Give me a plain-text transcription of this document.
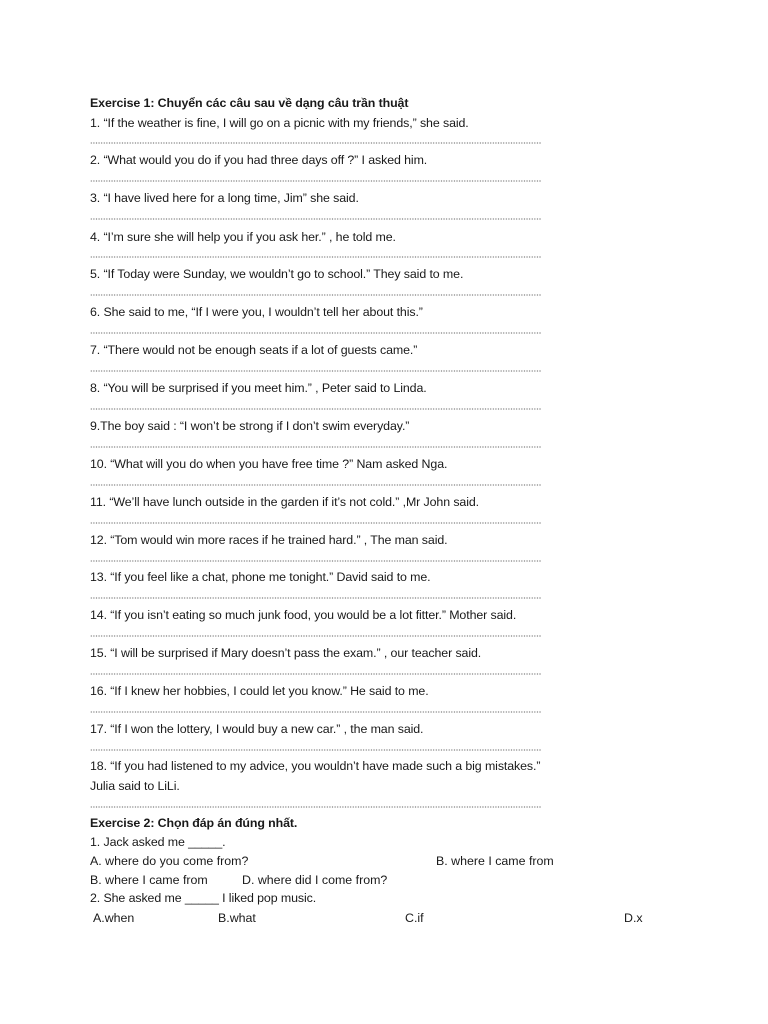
Exercise 1: Chuyển các câu sau về dạng câu trần thuật
1. “If the weather is fine, I will go on a picnic with my friends,” she said.
2. “What would you do if you had three days off ?” I asked him.
3. “I have lived here for a long time, Jim” she said.
4. “I’m sure she will help you if you ask her.” , he told me.
5. “If Today were Sunday, we wouldn’t go to school.” They said to me.
6. She said to me, “If I were you, I wouldn’t tell her about this.”
7. “There would not be enough seats if a lot of guests came.”
8. “You will be surprised if you meet him.” , Peter said to Linda.
9.The boy said : “I won’t be strong if I don’t swim everyday.”
10. “What will you do when you have free time ?” Nam asked Nga.
11. “We’ll have lunch outside in the garden if it’s not cold.” ,Mr John said.
12. “Tom would win more races if he trained hard.” , The man said.
13. “If you feel like a chat, phone me tonight.” David said to me.
14. “If you isn’t eating so much junk food, you would be a lot fitter.” Mother said.
15. “I will be surprised if Mary doesn’t pass the exam.” , our teacher said.
16. “If I knew her hobbies, I could let you know.” He said to me.
17. “If I won the lottery, I would buy a new car.” , the man said.
18. “If you had listened to my advice, you wouldn’t have made such a big mistakes.”
Julia said to LiLi.
Exercise 2: Chọn đáp án đúng nhất.
1. Jack asked me _____.
A. where do you come from?	B. where I came from
B. where I came from	D. where did I come from?
2. She asked me _____ I liked pop music.
A.when	B.what	C.if	D.x
